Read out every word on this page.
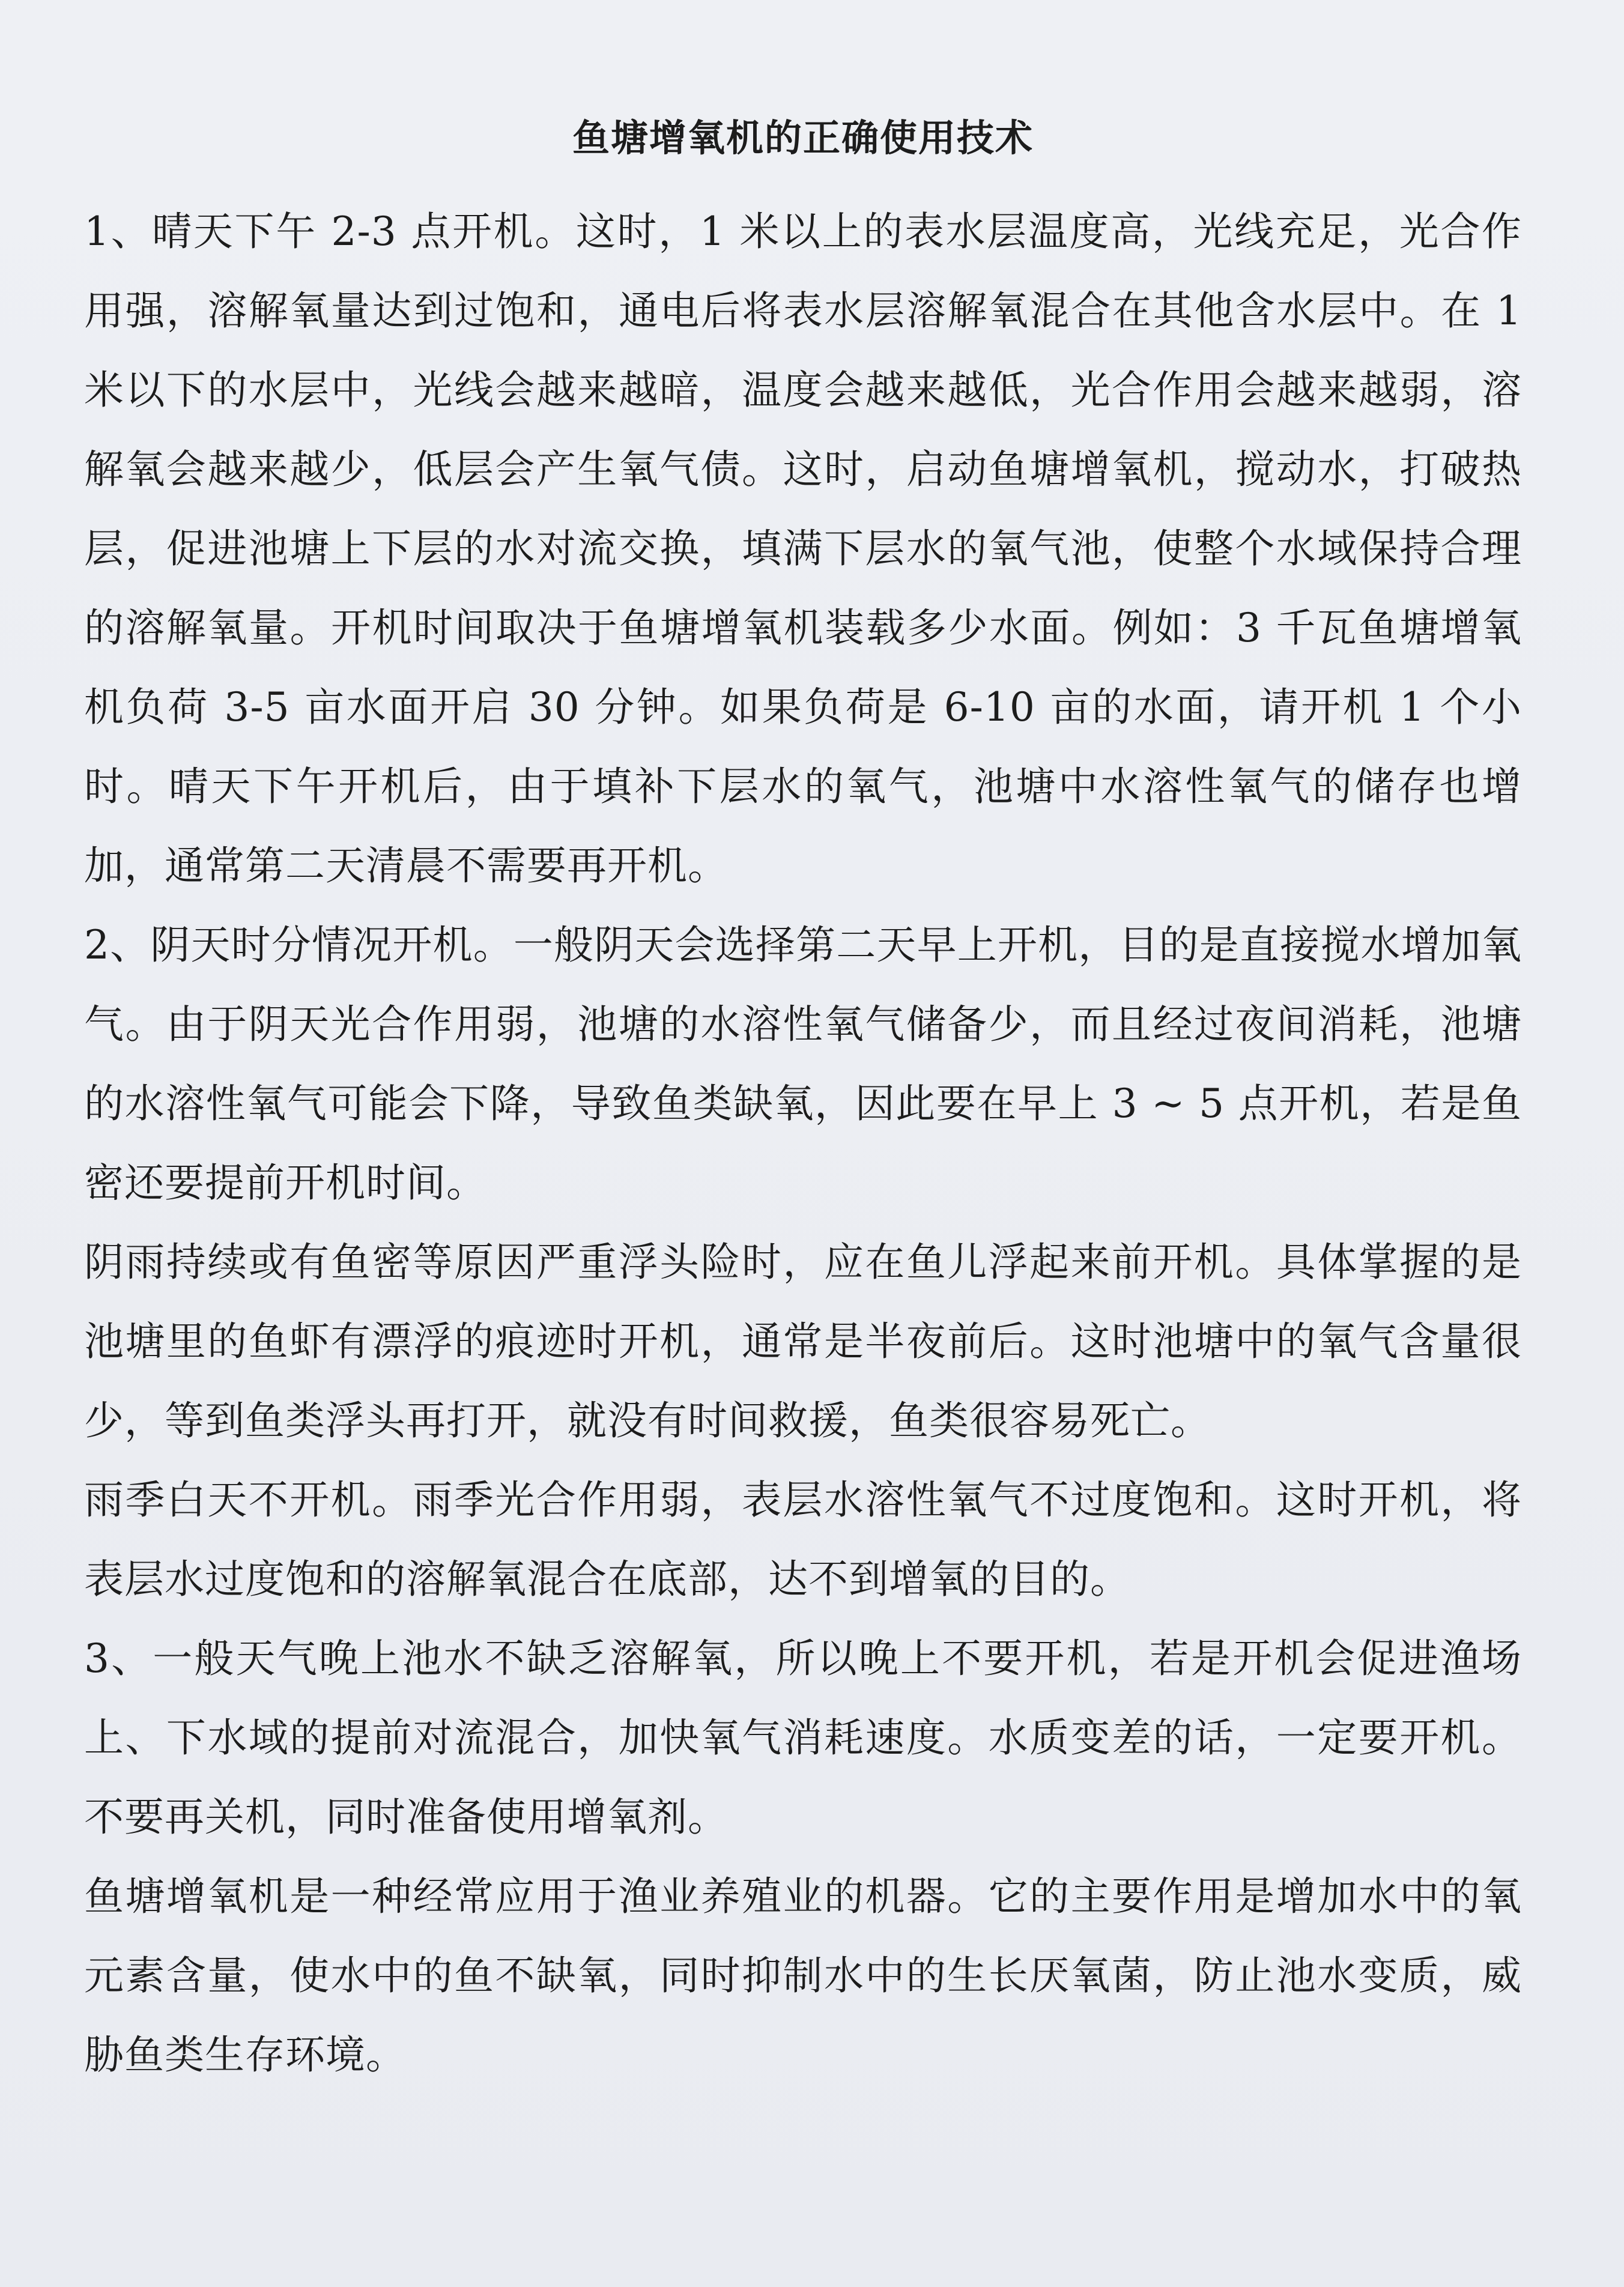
鱼塘增氧机的正确使用技术

1、晴天下午 2-3 点开机。这时，1 米以上的表水层温度高，光线充足，光合作用强，溶解氧量达到过饱和，通电后将表水层溶解氧混合在其他含水层中。在 1 米以下的水层中，光线会越来越暗，温度会越来越低，光合作用会越来越弱，溶解氧会越来越少，低层会产生氧气债。这时，启动鱼塘增氧机，搅动水，打破热层，促进池塘上下层的水对流交换，填满下层水的氧气池，使整个水域保持合理的溶解氧量。开机时间取决于鱼塘增氧机装载多少水面。例如：3 千瓦鱼塘增氧机负荷 3-5 亩水面开启 30 分钟。如果负荷是 6-10 亩的水面，请开机 1 个小时。晴天下午开机后，由于填补下层水的氧气，池塘中水溶性氧气的储存也增加，通常第二天清晨不需要再开机。

2、阴天时分情况开机。一般阴天会选择第二天早上开机，目的是直接搅水增加氧气。由于阴天光合作用弱，池塘的水溶性氧气储备少，而且经过夜间消耗，池塘的水溶性氧气可能会下降，导致鱼类缺氧，因此要在早上 3 ~ 5 点开机，若是鱼密还要提前开机时间。

阴雨持续或有鱼密等原因严重浮头险时，应在鱼儿浮起来前开机。具体掌握的是池塘里的鱼虾有漂浮的痕迹时开机，通常是半夜前后。这时池塘中的氧气含量很少，等到鱼类浮头再打开，就没有时间救援，鱼类很容易死亡。

雨季白天不开机。雨季光合作用弱，表层水溶性氧气不过度饱和。这时开机，将表层水过度饱和的溶解氧混合在底部，达不到增氧的目的。

3、一般天气晚上池水不缺乏溶解氧，所以晚上不要开机，若是开机会促进渔场上、下水域的提前对流混合，加快氧气消耗速度。水质变差的话，一定要开机。不要再关机，同时准备使用增氧剂。

鱼塘增氧机是一种经常应用于渔业养殖业的机器。它的主要作用是增加水中的氧元素含量，使水中的鱼不缺氧，同时抑制水中的生长厌氧菌，防止池水变质，威胁鱼类生存环境。
